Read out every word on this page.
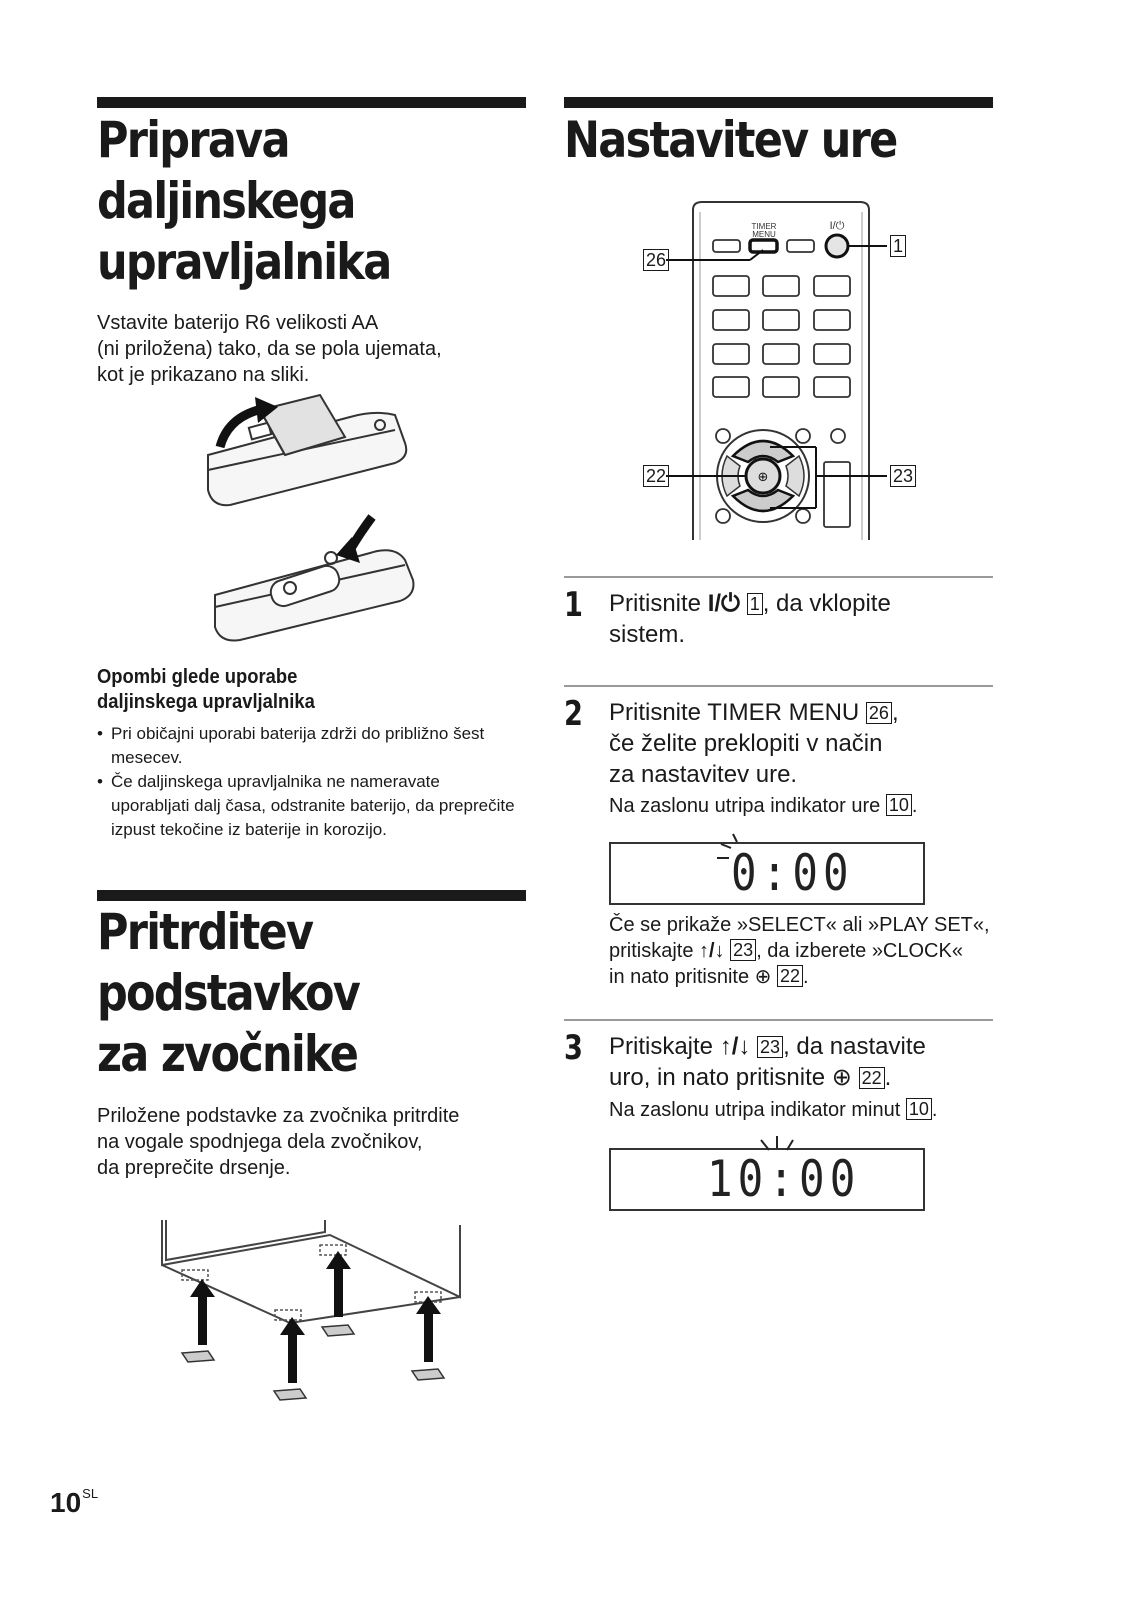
Priprava
daljinskega
upravljalnika
Vstavite baterijo R6 velikosti AA
(ni priložena) tako, da se pola ujemata,
kot je prikazano na sliki.
Opombi glede uporabe
daljinskega upravljalnika
• Pri običajni uporabi baterija zdrži do približno šest mesecev.
• Če daljinskega upravljalnika ne nameravate uporabljati dalj časa, odstranite baterijo, da preprečite izpust tekočine iz baterije in korozijo.
Pritrditev
podstavkov
za zvočnike
Priložene podstavke za zvočnika pritrdite
na vogale spodnjega dela zvočnikov,
da preprečite drsenje.
Nastavitev ure
TIMER
MENU
I/⏻
⊕
26
1
22	23
1 Pritisnite I/⏻ 1 , da vklopite
sistem.
2 Pritisnite TIMER MENU 26 ,
če želite preklopiti v način
za nastavitev ure.
Na zaslonu utripa indikator ure 10 .
0:00
Če se prikaže »SELECT« ali »PLAY SET«,
pritiskajte ↑/↓ 23 , da izberete »CLOCK«
in nato pritisnite ⊕ 22 .
3 Pritiskajte ↑/↓ 23 , da nastavite
uro, in nato pritisnite ⊕ 22 .
Na zaslonu utripa indikator minut 10 .
10:00
$10^{SL}$
